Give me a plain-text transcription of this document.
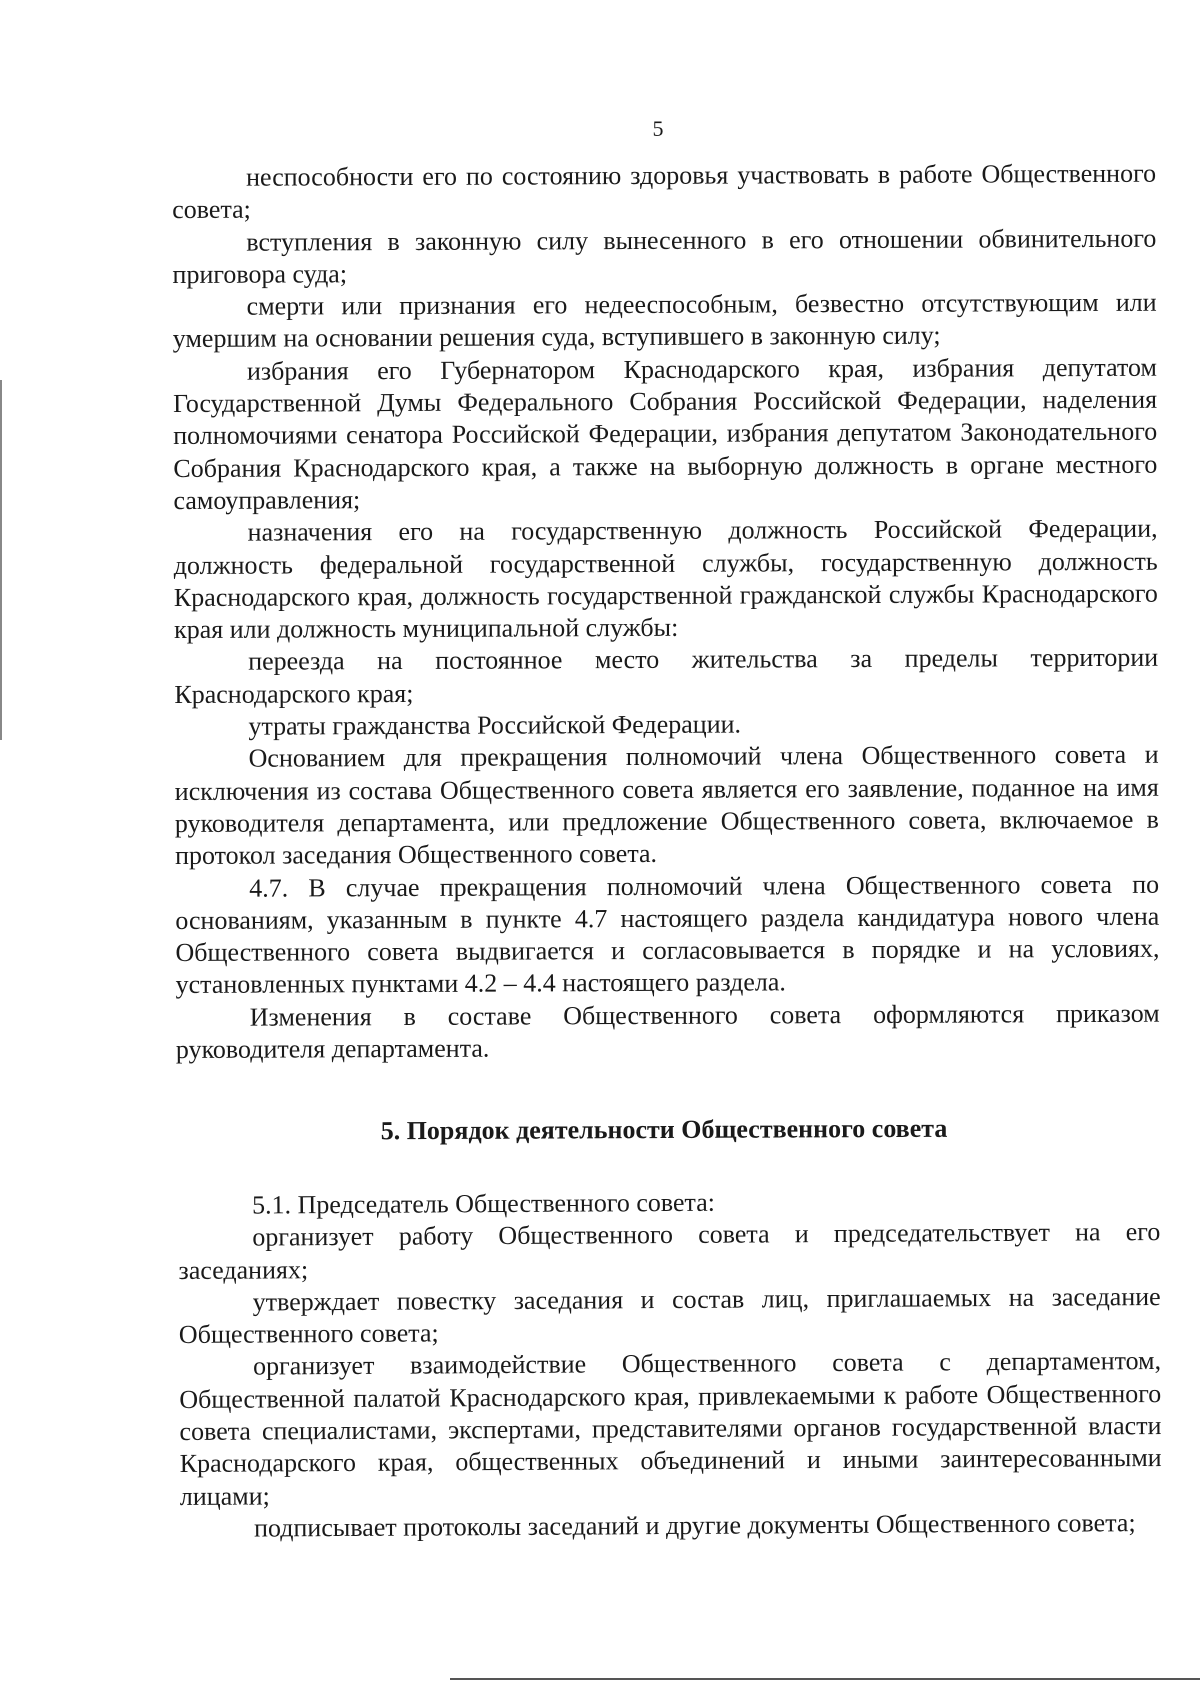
5

неспособности его по состоянию здоровья участвовать в работе Общественного совета;

вступления в законную силу вынесенного в его отношении обвинительного приговора суда;

смерти или признания его недееспособным, безвестно отсутствующим или умершим на основании решения суда, вступившего в законную силу;

избрания его Губернатором Краснодарского края, избрания депутатом Государственной Думы Федерального Собрания Российской Федерации, наделения полномочиями сенатора Российской Федерации, избрания депутатом Законодательного Собрания Краснодарского края, а также на выборную должность в органе местного самоуправления;

назначения его на государственную должность Российской Федерации, должность федеральной государственной службы, государственную должность Краснодарского края, должность государственной гражданской службы Краснодарского края или должность муниципальной службы:

переезда на постоянное место жительства за пределы территории Краснодарского края;

утраты гражданства Российской Федерации.

Основанием для прекращения полномочий члена Общественного совета и исключения из состава Общественного совета является его заявление, поданное на имя руководителя департамента, или предложение Общественного совета, включаемое в протокол заседания Общественного совета.

4.7. В случае прекращения полномочий члена Общественного совета по основаниям, указанным в пункте 4.7 настоящего раздела кандидатура нового члена Общественного совета выдвигается и согласовывается в порядке и на условиях, установленных пунктами 4.2 – 4.4 настоящего раздела.

Изменения в составе Общественного совета оформляются приказом руководителя департамента.

5. Порядок деятельности Общественного совета

5.1. Председатель Общественного совета:

организует работу Общественного совета и председательствует на его заседаниях;

утверждает повестку заседания и состав лиц, приглашаемых на заседание Общественного совета;

организует взаимодействие Общественного совета с департаментом, Общественной палатой Краснодарского края, привлекаемыми к работе Общественного совета специалистами, экспертами, представителями органов государственной власти Краснодарского края, общественных объединений и иными заинтересованными лицами;

подписывает протоколы заседаний и другие документы Общественного совета;
